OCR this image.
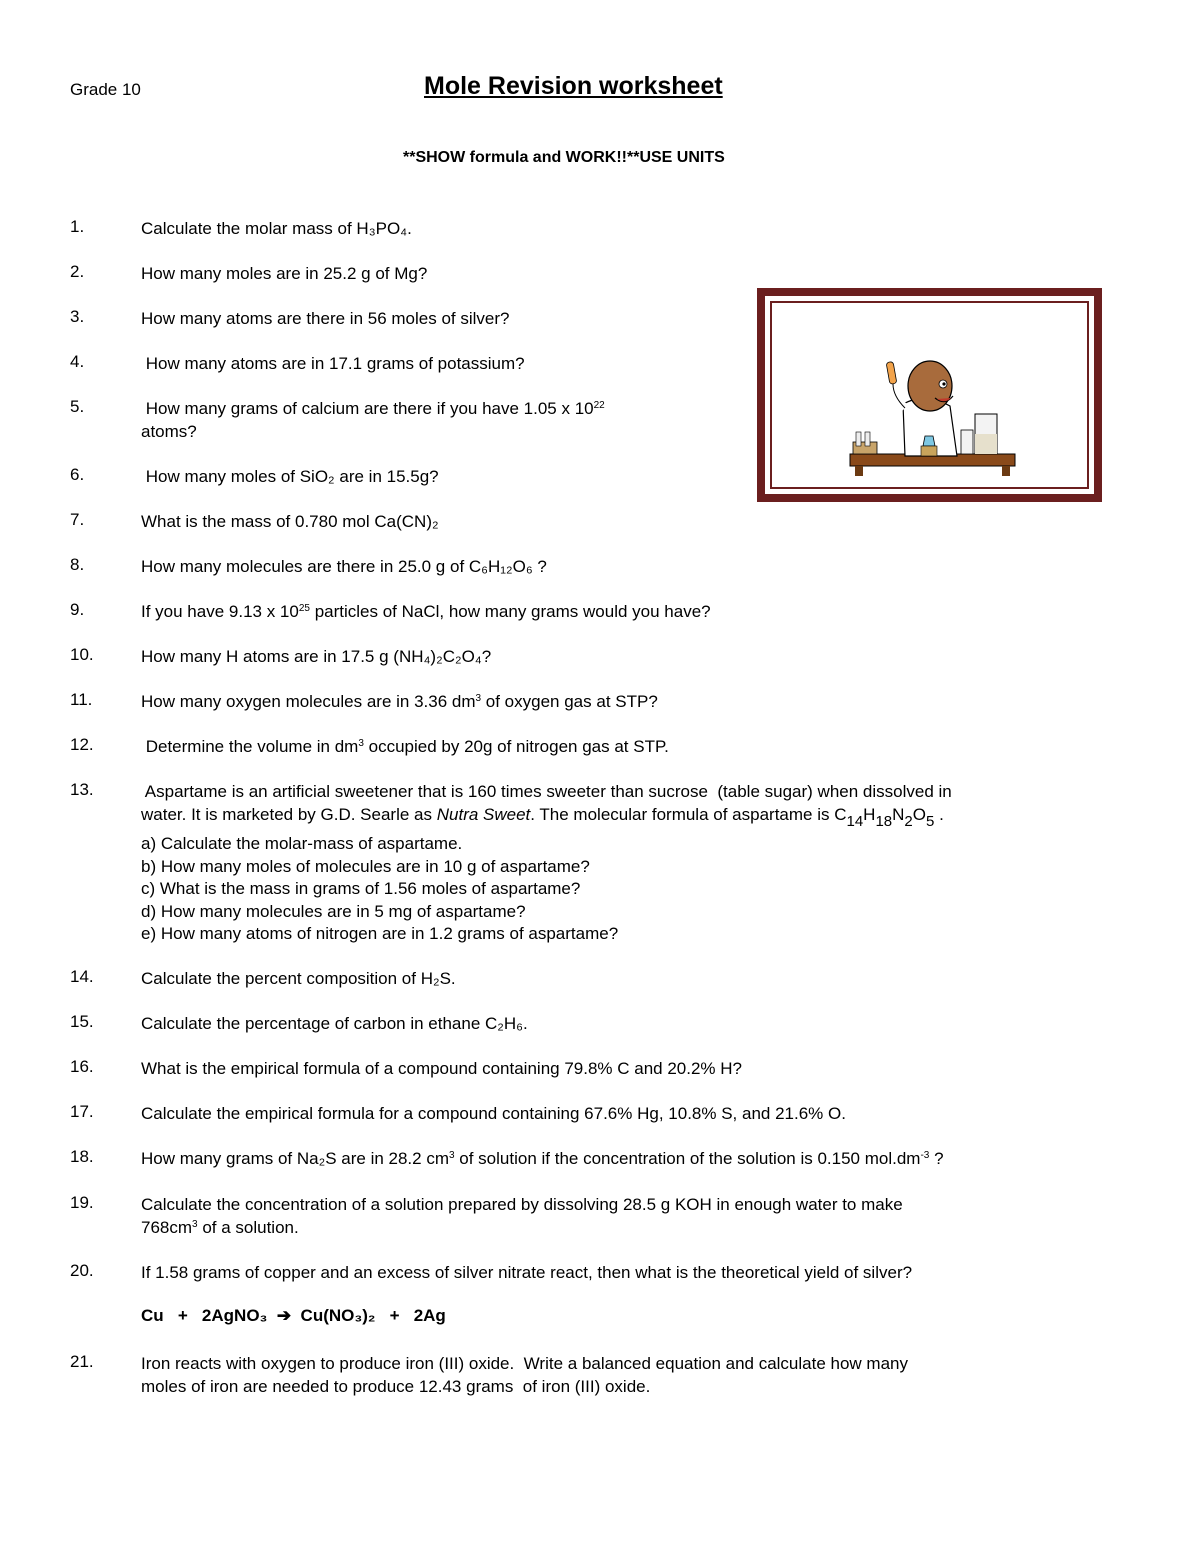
Grade 10	Mole Revision worksheet
**SHOW formula and WORK!!**USE UNITS
1.	Calculate the molar mass of H₃PO₄.
2.	How many moles are in 25.2 g of Mg?
3.	How many atoms are there in 56 moles of silver?
4.	How many atoms are in 17.1 grams of potassium?
5.	How many grams of calcium are there if you have 1.05 x $10^{22}$
atoms?
6.	How many moles of SiO₂ are in 15.5g?
7.	What is the mass of 0.780 mol Ca(CN)₂
8.	How many molecules are there in 25.0 g of C₆H₁₂O₆ ?
9.	If you have 9.13 x $10^{25}$ particles of NaCl, how many grams would you have?
10.	How many H atoms are in 17.5 g (NH₄)₂C₂O₄?
11.	How many oxygen molecules are in 3.36 $dm^3$ of oxygen gas at STP?
12.	Determine the volume in $dm^3$ occupied by 20g of nitrogen gas at STP.
13.	Aspartame is an artificial sweetener that is 160 times sweeter than sucrose  (table sugar) when dissolved in
water. It is marketed by G.D. Searle as Nutra Sweet. The molecular formula of aspartame is C14H18N2O5 .
a) Calculate the molar-mass of aspartame.
b) How many moles of molecules are in 10 g of aspartame?
c) What is the mass in grams of 1.56 moles of aspartame?
d) How many molecules are in 5 mg of aspartame?
e) How many atoms of nitrogen are in 1.2 grams of aspartame?
14.	Calculate the percent composition of H₂S.
15.	Calculate the percentage of carbon in ethane C₂H₆.
16.	What is the empirical formula of a compound containing 79.8% C and 20.2% H?
17.	Calculate the empirical formula for a compound containing 67.6% Hg, 10.8% S, and 21.6% O.
18.	How many grams of Na₂S are in 28.2 $cm^3$ of solution if the concentration of the solution is 0.150 $mol.dm^{-3}$ ?
19.	Calculate the concentration of a solution prepared by dissolving 28.5 g KOH in enough water to make
$768cm^3$ of a solution.
20.	If 1.58 grams of copper and an excess of silver nitrate react, then what is the theoretical yield of silver?
Cu   +   2AgNO₃  ➔  Cu(NO₃)₂   +   2Ag
21.	Iron reacts with oxygen to produce iron (III) oxide.  Write a balanced equation and calculate how many
moles of iron are needed to produce 12.43 grams  of iron (III) oxide.
